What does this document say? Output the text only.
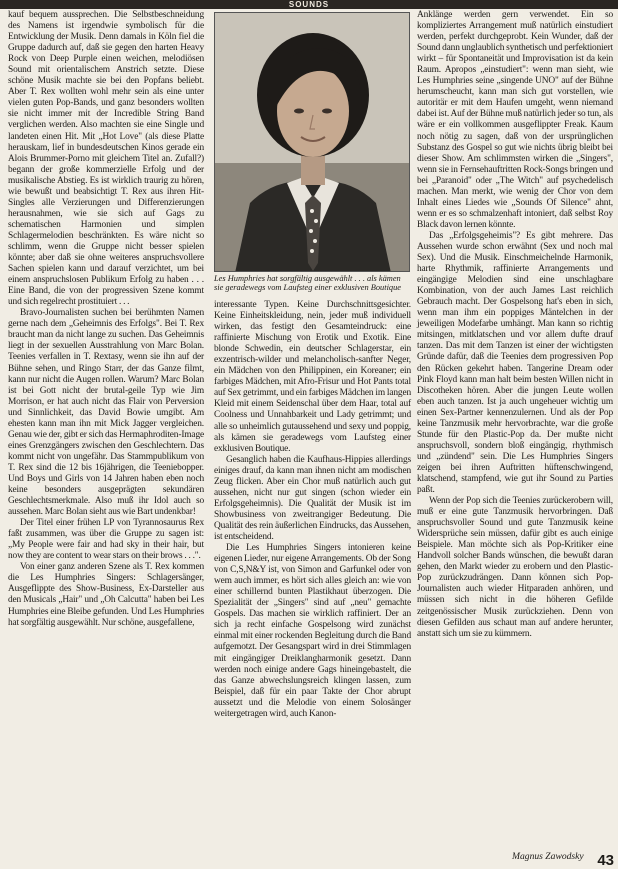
SOUNDS

kauf bequem aussprechen. Die Selbstbeschneidung des Namens ist irgendwie symbolisch für die Entwicklung der Musik. Denn damals in Köln fiel die Gruppe dadurch auf, daß sie gegen den harten Heavy Rock von Deep Purple einen weichen, melodiösen Sound mit orientalischem Anstrich setzte. Diese schöne Musik machte sie bei den Popfans beliebt. Aber T. Rex wollten wohl mehr sein als eine unter vielen guten Pop-Bands, und ganz besonders wollten sie nicht immer mit der Incredible String Band verglichen werden. Also machten sie eine Single und landeten einen Hit. Mit „Hot Love" (als diese Platte herauskam, lief in bundesdeutschen Kinos gerade ein Alois Brummer-Porno mit gleichem Titel an. Zufall?) begann der große kommerzielle Erfolg und der musikalische Abstieg. Es ist wirklich traurig zu hören, wie bewußt und beabsichtigt T. Rex aus ihren Hit-Singles alle Verzierungen und Differenzierungen herausnahmen, wie sie sich auf Gags zu schematischen Harmonien und simplen Schlagermelodien beschränkten. Es wäre nicht so schlimm, wenn die Gruppe nicht besser spielen könnte; aber daß sie ohne weiteres anspruchsvollere Sachen spielen kann und darauf verzichtet, um bei einem anspruchslosen Publikum Erfolg zu haben . . . Eine Band, die von der progressiven Szene kommt und sich regelrecht prostituiert . . .

Bravo-Journalisten suchen bei berühmten Namen gerne nach dem „Geheimnis des Erfolgs". Bei T. Rex braucht man da nicht lange zu suchen. Das Geheimnis liegt in der sexuellen Ausstrahlung von Marc Bolan. Teenies verfallen in T. Rextasy, wenn sie ihn auf der Bühne sehen, und Ringo Starr, der das Ganze filmt, kann nur nicht die Augen rollen. Warum? Marc Bolan ist bei Gott nicht der brutal-geile Typ wie Jim Morrison, er hat auch nicht das Flair von Perversion und Sinnlichkeit, das David Bowie umgibt. Am ehesten kann man ihn mit Mick Jagger vergleichen. Genau wie der, gibt er sich das Hermaphroditen-Image eines Grenzgängers zwischen den Geschlechtern. Das kommt nicht von ungefähr. Das Stammpublikum von T. Rex sind die 12 bis 16jährigen, die Teeniebopper. Und Boys und Girls von 14 Jahren haben eben noch keine besonders ausgeprägten sekundären Geschlechtsmerkmale. Also muß ihr Idol auch so aussehen. Marc Bolan sieht aus wie Bart undenkbar!

Der Titel einer frühen LP von Tyrannosaurus Rex faßt zusammen, was über die Gruppe zu sagen ist: „My People were fair and had sky in their hair, but now they are content to wear stars on their brows . . .".

Von einer ganz anderen Szene als T. Rex kommen die Les Humphries Singers: Schlagersänger, Ausgeflippte des Show-Business, Ex-Darsteller aus den Musicals „Hair" und „Oh Calcutta" haben bei Les Humphries eine Bleibe gefunden. Und Les Humphries hat sorgfältig ausgewählt. Nur schöne, ausgefallene,

Les Humphries hat sorgfältig ausgewählt . . . als kämen sie geradewegs vom Laufsteg einer exklusiven Boutique

interessante Typen. Keine Durchschnittsgesichter. Keine Einheitskleidung, nein, jeder muß individuell wirken, das festigt den Gesamteindruck: eine raffinierte Mischung von Erotik und Exotik. Eine blonde Schwedin, ein deutscher Schlagerstar, ein exzentrisch-wilder und melancholisch-sanfter Neger, ein Mädchen von den Philippinen, ein Koreaner; ein farbiges Mädchen, mit Afro-Frisur und Hot Pants total auf Sex getrimmt, und ein farbiges Mädchen im langen Kleid mit einem Seidenschal über dem Haar, total auf Coolness und Unnahbarkeit und Lady getrimmt; und alle so unheimlich gutaussehend und sexy und poppig, als kämen sie geradewegs vom Laufsteg einer exklusiven Boutique.

Gesanglich haben die Kaufhaus-Hippies allerdings einiges drauf, da kann man ihnen nicht am modischen Zeug flicken. Aber ein Chor muß natürlich auch gut aussehen, nicht nur gut singen (schon wieder ein Erfolgsgeheimnis). Die Qualität der Musik ist im Showbusiness von zweitrangiger Bedeutung. Die Qualität des rein äußerlichen Eindrucks, das Aussehen, ist entscheidend.

Die Les Humphries Singers intonieren keine eigenen Lieder, nur eigene Arrangements. Ob der Song von C,S,N&Y ist, von Simon and Garfunkel oder von wem auch immer, es hört sich alles gleich an: wie von einer schillernd bunten Plastikhaut überzogen. Die Spezialität der „Singers" sind auf „neu" gemachte Gospels. Das machen sie wirklich raffiniert. Der an sich ja recht einfache Gospelsong wird zunächst einmal mit einer rockenden Begleitung durch die Band aufgemotzt. Der Gesangspart wird in drei Stimmlagen mit eingängiger Dreiklangharmonik gesetzt. Dann werden noch einige andere Gags hineingebastelt, die das Ganze abwechslungsreich klingen lassen, zum Beispiel, daß für ein paar Takte der Chor abrupt aussetzt und die Melodie von einem Solosänger weitergetragen wird, auch Kanon-

Anklänge werden gern verwendet. Ein so kompliziertes Arrangement muß natürlich einstudiert werden, perfekt durchgeprobt. Kein Wunder, daß der Sound dann unglaublich synthetisch und perfektioniert wirkt – für Spontaneität und Improvisation ist da kein Raum. Apropos „einstudiert": wenn man sieht, wie Les Humphries seine „singende UNO" auf der Bühne herumscheucht, kann man sich gut vorstellen, wie autoritär er mit dem Haufen umgeht, wenn niemand dabei ist. Auf der Bühne muß natürlich jeder so tun, als wäre er ein vollkommen ausgeflippter Freak. Kaum noch nötig zu sagen, daß von der ursprünglichen Substanz des Gospel so gut wie nichts übrig bleibt bei dieser Show. Am schlimmsten wirken die „Singers", wenn sie in Fernsehauftritten Rock-Songs bringen und bei „Paranoid" oder „The Witch" auf psychedelisch machen. Man merkt, wie wenig der Chor von dem Inhalt eines Liedes wie „Sounds Of Silence" ahnt, wenn er es so schmalzenhaft intoniert, daß selbst Roy Black davon lernen könnte.

Das „Erfolgsgeheimis"? Es gibt mehrere. Das Aussehen wurde schon erwähnt (Sex und noch mal Sex). Und die Musik. Einschmeichelnde Harmonik, harte Rhythmik, raffinierte Arrangements und eingängige Melodien sind eine unschlagbare Kombination, von der auch James Last reichlich Gebrauch macht. Der Gospelsong hat's eben in sich, wenn man ihm ein poppiges Mäntelchen in der jeweiligen Modefarbe umhängt. Man kann so richtig mitsingen, mitklatschen und vor allem dufte drauf tanzen. Das mit dem Tanzen ist einer der wichtigsten Gründe dafür, daß die Teenies dem progressiven Pop den Rücken gekehrt haben. Tangerine Dream oder Pink Floyd kann man halt beim besten Willen nicht in Discotheken hören. Aber die jungen Leute wollen eben auch tanzen. Ist ja auch ungeheuer wichtig um einen Sex-Partner kennenzulernen. Und als der Pop keine Tanzmusik mehr hervorbrachte, war die große Stunde für den Plastic-Pop da. Der mußte nicht anspruchsvoll, sondern bloß eingängig, rhythmisch und „zündend" sein. Die Les Humphries Singers zeigen bei ihren Auftritten hüftenschwingend, klatschend, stampfend, wie gut ihr Sound zu Parties paßt.

Wenn der Pop sich die Teenies zurückerobern will, muß er eine gute Tanzmusik hervorbringen. Daß anspruchsvoller Sound und gute Tanzmusik keine Widersprüche sein müssen, dafür gibt es auch einige Beispiele. Man möchte sich als Pop-Kritiker eine Handvoll solcher Bands wünschen, die bewußt daran gehen, den Markt wieder zu erobern und den Plastic-Pop zurückzudrängen. Dann können sich Pop-Journalisten auch wieder Hitparaden anhören, und müssen sich nicht in die höheren Gefilde zeitgenössischer Musik zurückziehen. Denn von diesen Gefilden aus schaut man auf andere herunter, anstatt sich um sie zu kümmern.

Magnus Zawodsky 43
